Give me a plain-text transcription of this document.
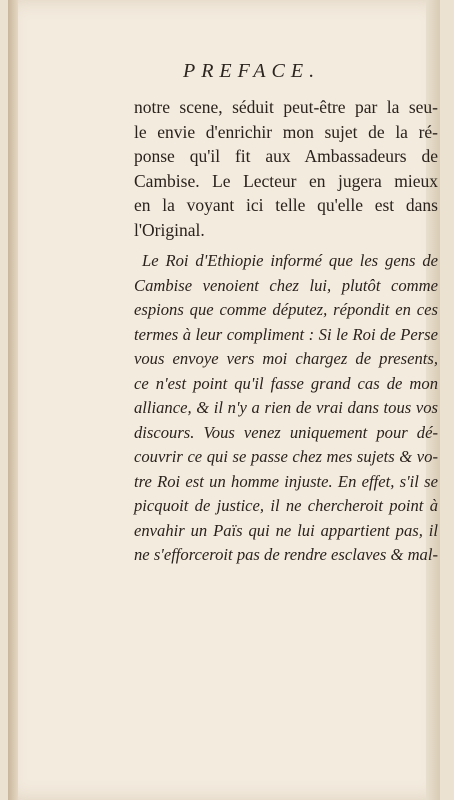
PREFACE.
notre scene, séduit peut-être par la seu-
le envie d'enrichir mon sujet de la ré-
ponse qu'il fit aux Ambassadeurs de
Cambise. Le Lecteur en jugera mieux
en la voyant ici telle qu'elle est dans
l'Original.
Le Roi d'Ethiopie informé que les gens de
Cambise venoient chez lui, plutôt comme
espions que comme députez, répondit en ces
termes à leur compliment : Si le Roi de Perse
vous envoye vers moi chargez de presents,
ce n'est point qu'il fasse grand cas de mon
alliance, & il n'y a rien de vrai dans tous vos
discours. Vous venez uniquement pour dé-
couvrir ce qui se passe chez mes sujets & vo-
tre Roi est un homme injuste. En effet, s'il se
picquoit de justice, il ne chercheroit point à
envahir un Païs qui ne lui appartient pas, il
ne s'efforceroit pas de rendre esclaves & mal-
